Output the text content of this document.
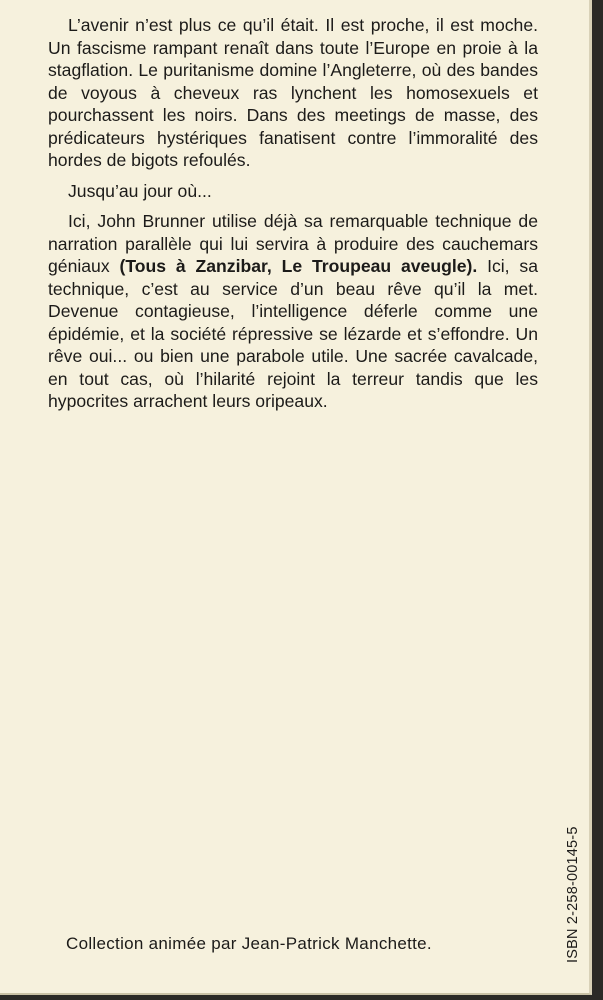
L’avenir n’est plus ce qu’il était. Il est proche, il est moche. Un fascisme rampant renaît dans toute l’Europe en proie à la stagflation. Le puritanisme domine l’Angleterre, où des bandes de voyous à cheveux ras lynchent les homosexuels et pourchassent les noirs. Dans des meetings de masse, des prédicateurs hystériques fanatisent contre l’immoralité des hordes de bigots refoulés.

Jusqu’au jour où...

Ici, John Brunner utilise déjà sa remarquable technique de narration parallèle qui lui servira à produire des cauchemars géniaux (Tous à Zanzibar, Le Troupeau aveugle). Ici, sa technique, c’est au service d’un beau rêve qu’il la met. Devenue contagieuse, l’intelligence déferle comme une épidémie, et la société répressive se lézarde et s’effondre. Un rêve oui... ou bien une parabole utile. Une sacrée cavalcade, en tout cas, où l’hilarité rejoint la terreur tandis que les hypocrites arrachent leurs oripeaux.

Collection animée par Jean-Patrick Manchette.	ISBN 2-258-00145-5
